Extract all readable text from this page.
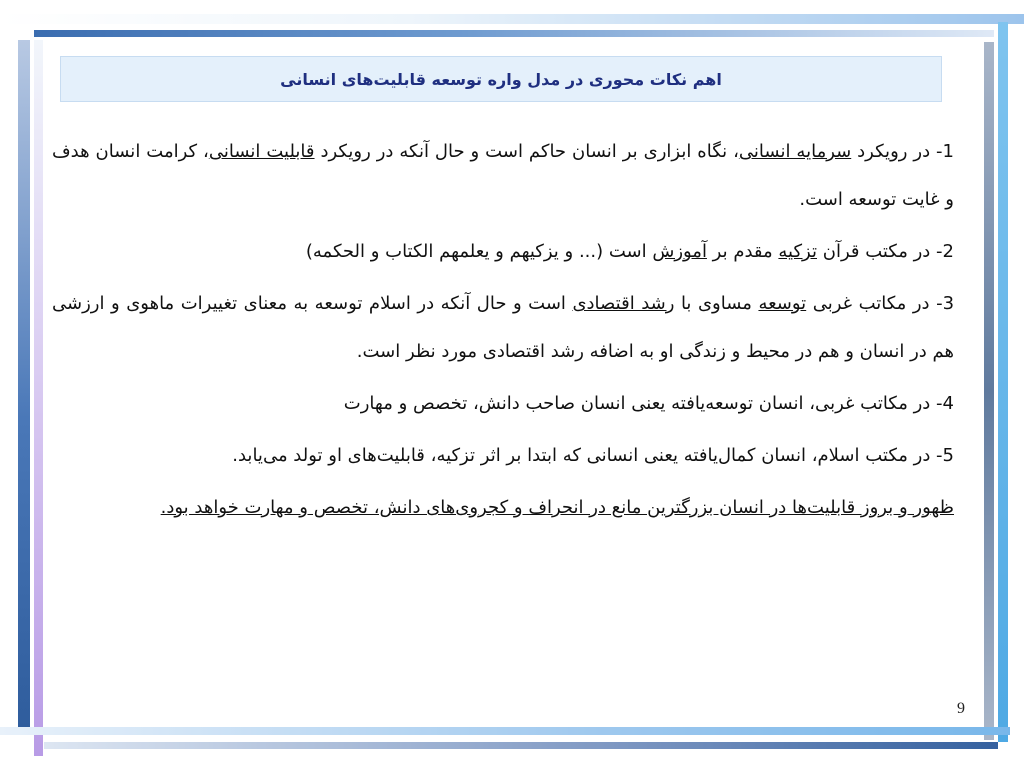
اهم نکات محوری در مدل واره توسعه قابلیت‌های انسانی

1- در رویکرد سرمایه انسانی، نگاه ابزاری بر انسان حاکم است و حال آنکه در رویکرد قابلیت انسانی، کرامت انسان هدف و غایت توسعه است.

2- در مکتب قرآن تزکیه مقدم بر آموزش است (... و یزکیهم و یعلمهم الکتاب و الحکمه)

3- در مکاتب غربی توسعه مساوی با رشد اقتصادی است و حال آنکه در اسلام توسعه به معنای تغییرات ماهوی و ارزشی هم در انسان و هم در محیط و زندگی او به اضافه رشد اقتصادی مورد نظر است.

4- در مکاتب غربی، انسان توسعه‌یافته یعنی انسان صاحب دانش، تخصص و مهارت

5- در مکتب اسلام، انسان کمال‌یافته یعنی انسانی که ابتدا بر اثر تزکیه، قابلیت‌های او تولد می‌یابد.

ظهور و بروز قابلیت‌ها در انسان بزرگترین مانع در انحراف و کجروی‌های دانش، تخصص و مهارت خواهد بود.

9
